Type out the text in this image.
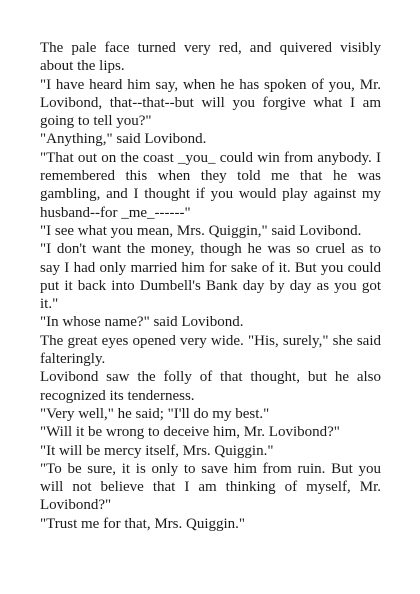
The pale face turned very red, and quivered visibly about the lips.

"I have heard him say, when he has spoken of you, Mr. Lovibond, that--that--but will you forgive what I am going to tell you?"

"Anything," said Lovibond.

"That out on the coast _you_ could win from anybody. I remembered this when they told me that he was gambling, and I thought if you would play against my husband--for _me_------"

"I see what you mean, Mrs. Quiggin," said Lovibond.

"I don't want the money, though he was so cruel as to say I had only married him for sake of it. But you could put it back into Dumbell's Bank day by day as you got it."

"In whose name?" said Lovibond.

The great eyes opened very wide. "His, surely," she said falteringly.

Lovibond saw the folly of that thought, but he also recognized its tenderness.

"Very well," he said; "I'll do my best."

"Will it be wrong to deceive him, Mr. Lovibond?"

"It will be mercy itself, Mrs. Quiggin."

"To be sure, it is only to save him from ruin. But you will not believe that I am thinking of myself, Mr. Lovibond?"

"Trust me for that, Mrs. Quiggin."
